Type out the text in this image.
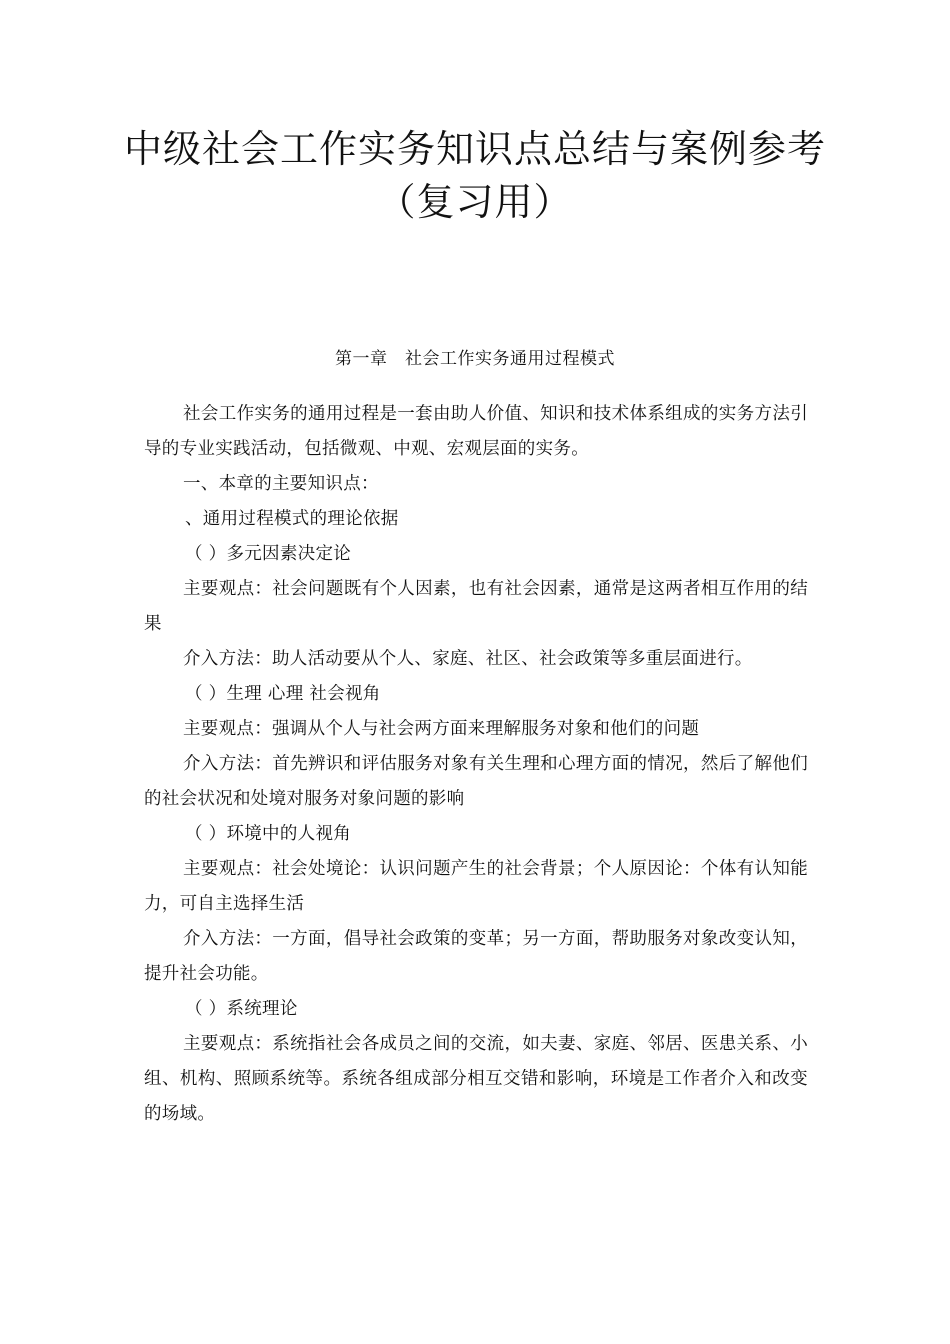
中级社会工作实务知识点总结与案例参考
（复习用）
第一章　社会工作实务通用过程模式

社会工作实务的通用过程是一套由助人价值、知识和技术体系组成的实务方法引导的专业实践活动，包括微观、中观、宏观层面的实务。

一、本章的主要知识点：

、通用过程模式的理论依据

（ ）多元因素决定论

主要观点：社会问题既有个人因素，也有社会因素，通常是这两者相互作用的结果

介入方法：助人活动要从个人、家庭、社区、社会政策等多重层面进行。

（ ）生理 心理 社会视角

主要观点：强调从个人与社会两方面来理解服务对象和他们的问题

介入方法：首先辨识和评估服务对象有关生理和心理方面的情况，然后了解他们的社会状况和处境对服务对象问题的影响

（ ）环境中的人视角

主要观点：社会处境论：认识问题产生的社会背景；个人原因论：个体有认知能力，可自主选择生活

介入方法：一方面，倡导社会政策的变革；另一方面，帮助服务对象改变认知，提升社会功能。

（ ）系统理论

主要观点：系统指社会各成员之间的交流，如夫妻、家庭、邻居、医患关系、小组、机构、照顾系统等。系统各组成部分相互交错和影响，环境是工作者介入和改变的场域。
